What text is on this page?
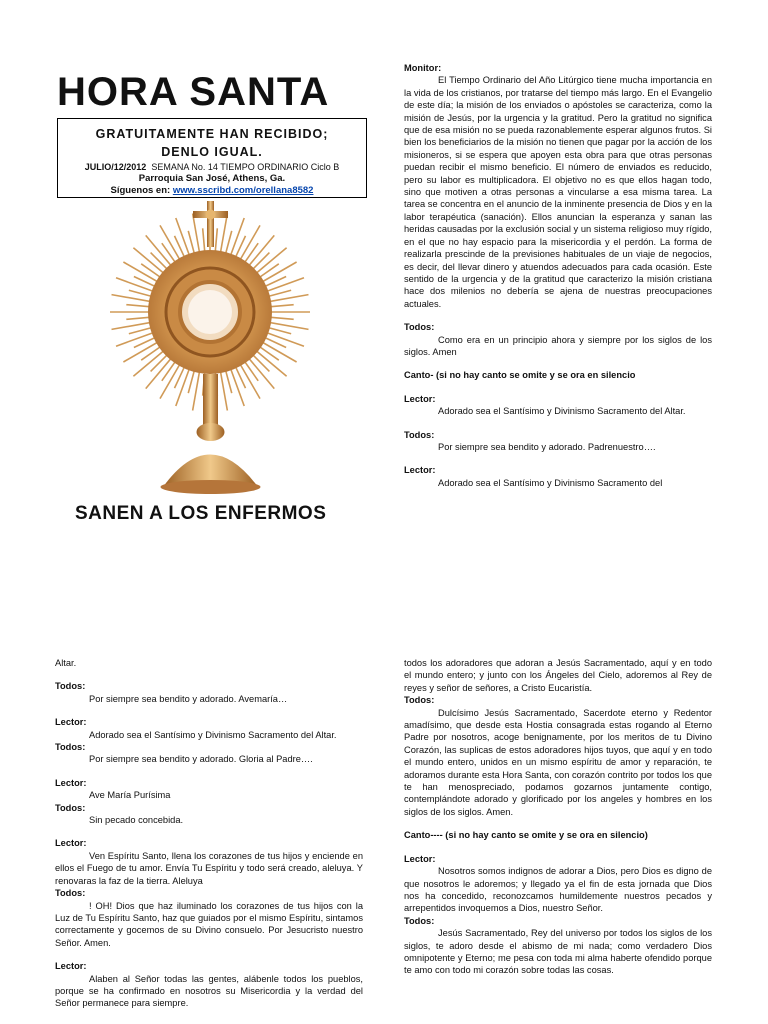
HORA SANTA
GRATUITAMENTE HAN RECIBIDO;
DENLO IGUAL.
JULIO/12/2012 SEMANA No. 14 TIEMPO ORDINARIO Ciclo B
Parroquia San José, Athens, Ga.
Síguenos en: www.sscribd.com/orellana8582
SANEN A LOS ENFERMOS

Monitor:

El Tiempo Ordinario del Año Litúrgico tiene mucha importancia en la vida de los cristianos, por tratarse del tiempo más largo. En el Evangelio de este día; la misión de los enviados o apóstoles se caracteriza, como la misión de Jesús, por la urgencia y la gratitud. Pero la gratitud no significa que de esa misión no se pueda razonablemente esperar algunos frutos. Si bien los beneficiarios de la misión no tienen que pagar por la acción de los misioneros, si se espera que apoyen esta obra para que otras personas puedan recibir el mismo beneficio. El número de enviados es reducido, pero su labor es multiplicadora. El objetivo no es que ellos hagan todo, sino que motiven a otras personas a vincularse a esa misma tarea. La tarea se concentra en el anuncio de la inminente presencia de Dios y en la labor terapéutica (sanación). Ellos anuncian la esperanza y sanan las heridas causadas por la exclusión social y un sistema religioso muy rígido, en el que no hay espacio para la misericordia y el perdón. La forma de realizarla prescinde de la previsiones habituales de un viaje de negocios, es decir, del llevar dinero y atuendos adecuados para cada ocasión. Este sentido de la urgencia y de la gratitud que caracterizo la misión cristiana hace dos milenios no debería se ajena de nuestras preocupaciones actuales.

Todos:

Como era en un principio ahora y siempre por los siglos de los siglos. Amen

Canto- (si no hay canto se omite y se ora en silencio

Lector:

Adorado sea el Santísimo y Divinismo Sacramento del Altar.

Todos:

Por siempre sea bendito y adorado. Padrenuestro….

Lector:

Adorado sea el Santísimo y Divinismo Sacramento del

Altar.

Todos:

Por siempre sea bendito y adorado. Avemaría…

Lector:

Adorado sea el Santísimo y Divinismo Sacramento del Altar.

Todos:

Por siempre sea bendito y adorado. Gloria al Padre….

Lector:

Ave María Purísima

Todos:

Sin pecado concebida.

Lector:

Ven Espíritu Santo, llena los corazones de tus hijos y enciende en ellos el Fuego de tu amor. Envía Tu Espíritu y todo será creado, aleluya. Y renovaras la faz de la tierra. Aleluya

Todos:

! OH! Dios que haz iluminado los corazones de tus hijos con la Luz de Tu Espíritu Santo, haz que guiados por el mismo Espíritu, sintamos correctamente y gocemos de su Divino consuelo. Por Jesucristo nuestro Señor. Amen.

Lector:

Alaben al Señor todas las gentes, alábenle todos los pueblos, porque se ha confirmado en nosotros su Misericordia y la verdad del Señor permanece para siempre.

todos los adoradores que adoran a Jesús Sacramentado, aquí y en todo el mundo entero; y junto con los Ángeles del Cielo, adoremos al Rey de reyes y señor de señores, a Cristo Eucaristía.

Todos:

Dulcísimo Jesús Sacramentado, Sacerdote eterno y Redentor amadísimo, que desde esta Hostia consagrada estas rogando al Eterno Padre por nosotros, acoge benignamente, por los meritos de tu Divino Corazón, las suplicas de estos adoradores hijos tuyos, que aquí y en todo el mundo entero, unidos en un mismo espíritu de amor y reparación, te adoramos durante esta Hora Santa, con corazón contrito por todos los que te han menospreciado, podamos gozarnos juntamente contigo, contemplándote adorado y glorificado por los angeles y hombres en los siglos de los siglos. Amen.

Canto---- (si no hay canto se omite y se ora en silencio)

Lector:

Nosotros somos indignos de adorar a Dios, pero Dios es digno de que nosotros le adoremos; y llegado ya el fin de esta jornada que Dios nos ha concedido, reconozcamos humildemente nuestros pecados y arrepentidos invoquemos a Dios, nuestro Señor.

Todos:

Jesús Sacramentado, Rey del universo por todos los siglos de los siglos, te adoro desde el abismo de mi nada; como verdadero Dios omnipotente y Eterno; me pesa con toda mi alma haberte ofendido porque te amo con todo mi corazón sobre todas las cosas.
